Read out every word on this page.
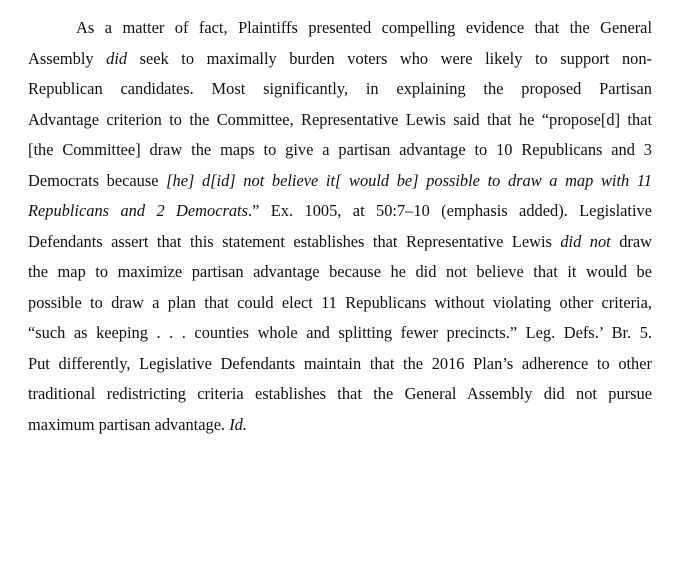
As a matter of fact, Plaintiffs presented compelling evidence that the General
Assembly did seek to maximally burden voters who were likely to support non-
Republican candidates. Most significantly, in explaining the proposed Partisan
Advantage criterion to the Committee, Representative Lewis said that he “propose[d] that
[the Committee] draw the maps to give a partisan advantage to 10 Republicans and 3
Democrats because [he] d[id] not believe it[ would be] possible to draw a map with 11
Republicans and 2 Democrats.” Ex. 1005, at 50:7–10 (emphasis added). Legislative
Defendants assert that this statement establishes that Representative Lewis did not draw
the map to maximize partisan advantage because he did not believe that it would be
possible to draw a plan that could elect 11 Republicans without violating other criteria,
“such as keeping . . . counties whole and splitting fewer precincts.” Leg. Defs.’ Br. 5.
Put differently, Legislative Defendants maintain that the 2016 Plan’s adherence to other
traditional redistricting criteria establishes that the General Assembly did not pursue
maximum partisan advantage. Id.
